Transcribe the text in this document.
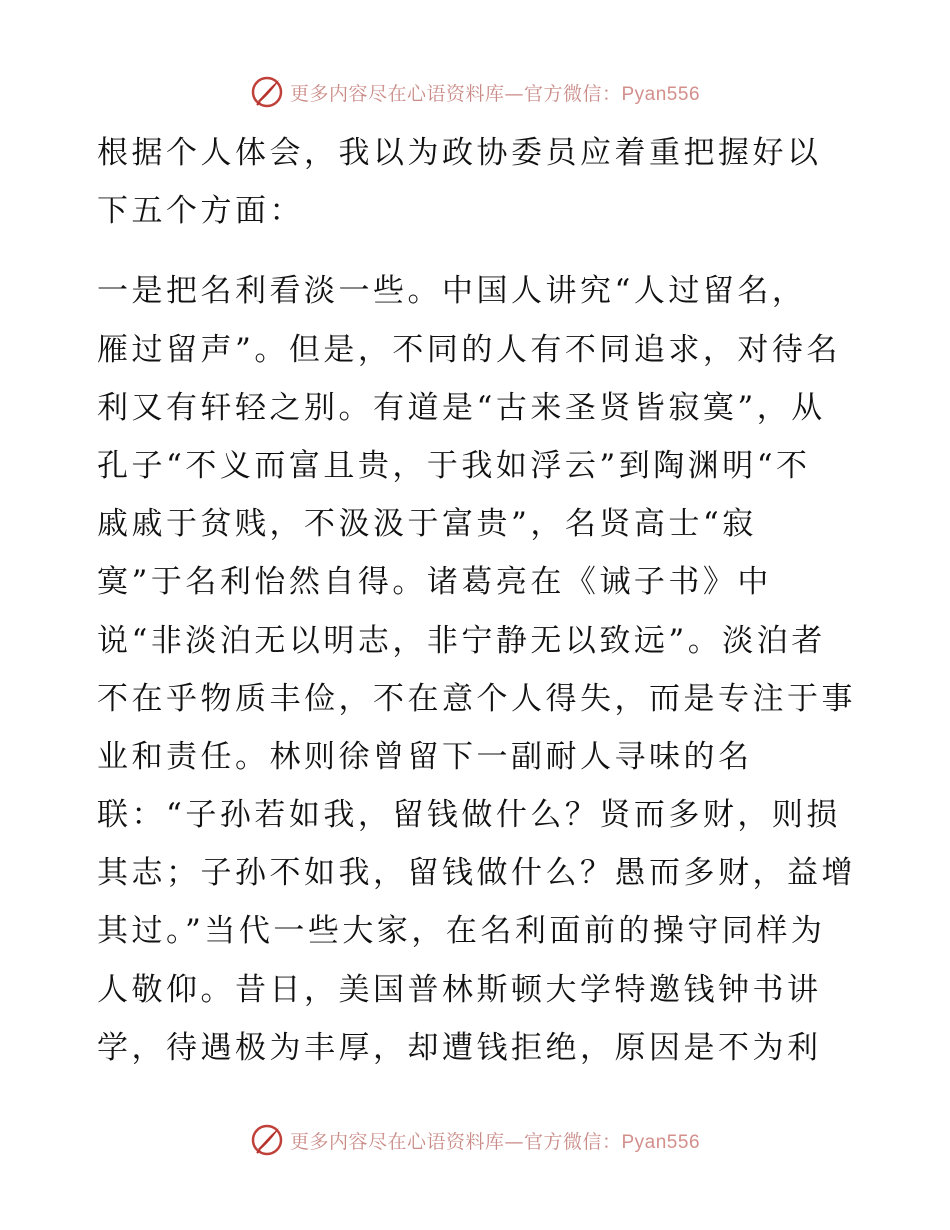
更多内容尽在心语资料库—官方微信：Pyan556
根据个人体会，我以为政协委员应着重把握好以
下五个方面：
一是把名利看淡一些。中国人讲究“人过留名，
雁过留声”。但是，不同的人有不同追求，对待名
利又有轩轻之别。有道是“古来圣贤皆寂寞”，从
孔子“不义而富且贵，于我如浮云”到陶渊明“不
戚戚于贫贱，不汲汲于富贵”，名贤高士“寂
寞”于名利怡然自得。诸葛亮在《诫子书》中
说“非淡泊无以明志，非宁静无以致远”。淡泊者
不在乎物质丰俭，不在意个人得失，而是专注于事
业和责任。林则徐曾留下一副耐人寻味的名
联：“子孙若如我，留钱做什么？贤而多财，则损
其志；子孙不如我，留钱做什么？愚而多财，益增
其过。”当代一些大家，在名利面前的操守同样为
人敬仰。昔日，美国普林斯顿大学特邀钱钟书讲
学，待遇极为丰厚，却遭钱拒绝，原因是不为利
更多内容尽在心语资料库—官方微信：Pyan556
